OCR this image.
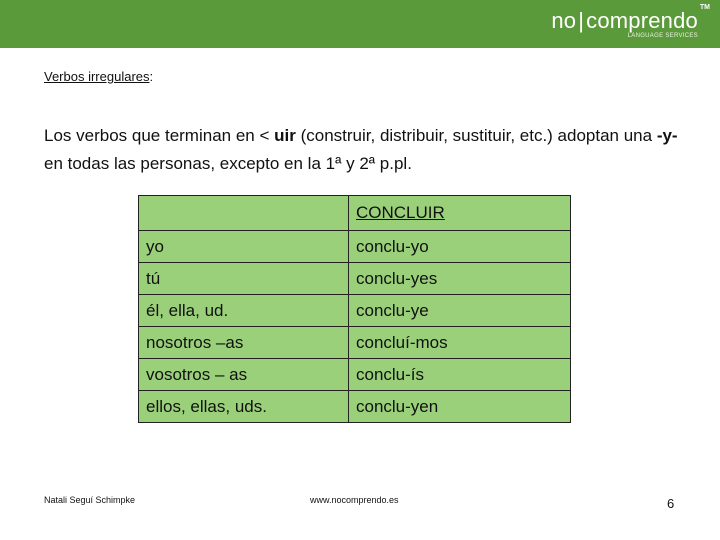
no|comprendo
TM
LANGUAGE SERVICES
Verbos irregulares:
Los verbos que terminan en < uir (construir, distribuir, sustituir, etc.) adoptan una -y- en todas las personas, excepto en la 1ª y 2ª p.pl.
	CONCLUIR
yo	conclu-yo
tú	conclu-yes
él, ella, ud.	conclu-ye
nosotros –as	concluí-mos
vosotros – as	conclu-ís
ellos, ellas, uds.	conclu-yen
Natali Seguí Schimpke	www.nocomprendo.es	6
